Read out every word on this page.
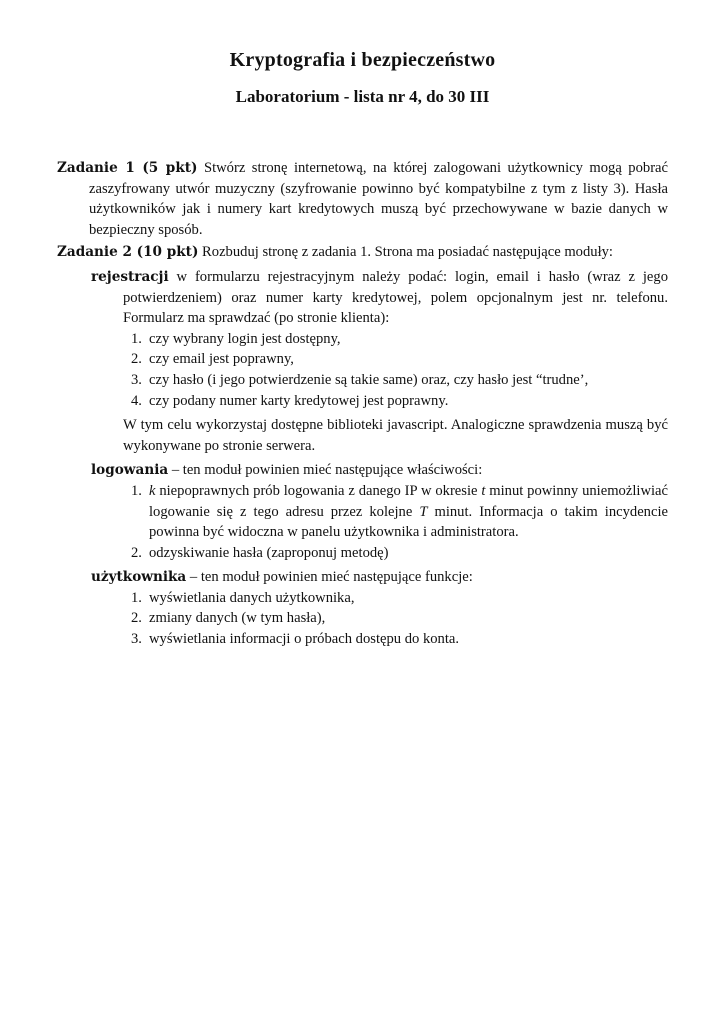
Kryptografia i bezpieczeństwo
Laboratorium - lista nr 4, do 30 III

Zadanie 1 (5 pkt) Stwórz stronę internetową, na której zalogowani użytkownicy mogą pobrać zaszyfrowany utwór muzyczny (szyfrowanie powinno być kompatybilne z tym z listy 3). Hasła użytkowników jak i numery kart kredytowych muszą być przechowywane w bazie danych w bezpieczny sposób.

Zadanie 2 (10 pkt) Rozbuduj stronę z zadania 1. Strona ma posiadać następujące moduły:

rejestracji w formularzu rejestracyjnym należy podać: login, email i hasło (wraz z jego potwierdzeniem) oraz numer karty kredytowej, polem opcjonalnym jest nr. telefonu. Formularz ma sprawdzać (po stronie klienta):
1. czy wybrany login jest dostępny,
2. czy email jest poprawny,
3. czy hasło (i jego potwierdzenie są takie same) oraz, czy hasło jest “trudne’,
4. czy podany numer karty kredytowej jest poprawny.
W tym celu wykorzystaj dostępne biblioteki javascript. Analogiczne sprawdzenia muszą być wykonywane po stronie serwera.
logowania – ten moduł powinien mieć następujące właściwości:
1. k niepoprawnych prób logowania z danego IP w okresie t minut powinny uniemożliwiać logowanie się z tego adresu przez kolejne T minut. Informacja o takim incydencie powinna być widoczna w panelu użytkownika i administratora.
2. odzyskiwanie hasła (zaproponuj metodę)
użytkownika – ten moduł powinien mieć następujące funkcje:
1. wyświetlania danych użytkownika,
2. zmiany danych (w tym hasła),
3. wyświetlania informacji o próbach dostępu do konta.
